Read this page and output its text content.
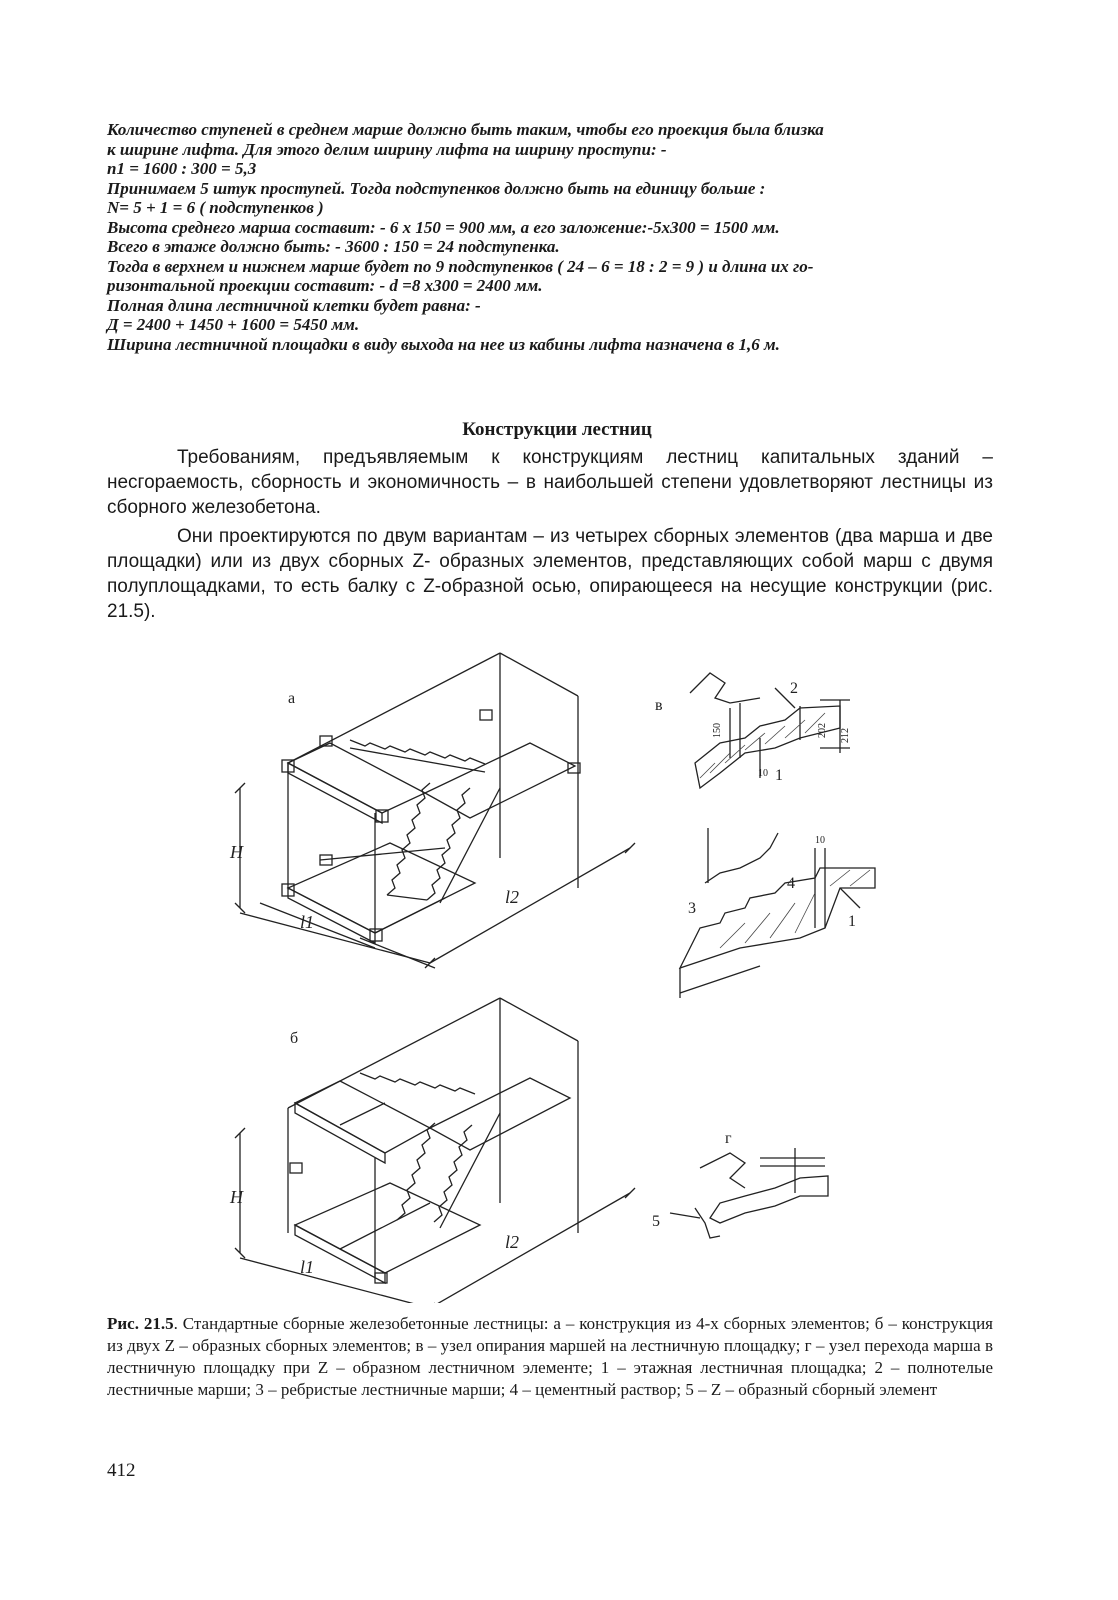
Количество ступеней в среднем марше должно быть таким, чтобы его проекция была близка

к ширине лифта. Для этого делим ширину лифта на ширину проступи: -

n1 = 1600 : 300 = 5,3

Принимаем 5 штук проступей. Тогда подступенков должно быть на единицу больше :

N= 5 + 1 = 6 ( подступенков )

Высота среднего марша составит: - 6 х 150 = 900 мм, а его заложение:-5х300 = 1500 мм.

Всего в этаже должно быть: - 3600 : 150 = 24 подступенка.

Тогда в верхнем и нижнем марше будет по 9 подступенков ( 24 – 6 = 18 : 2 = 9 ) и длина их го-

ризонтальной проекции составит: - d =8 х300 = 2400 мм.

Полная длина лестничной клетки будет равна: -

Д = 2400 + 1450 + 1600 = 5450 мм.

Ширина лестничной площадки в виду выхода на нее из кабины лифта назначена в 1,6 м.

Конструкции лестниц

Требованиям, предъявляемым к конструкциям лестниц капитальных зданий – несгораемость, сборность и экономичность – в наибольшей степени удовлетворяют лестницы из сборного железобетона.

Они проектируются по двум вариантам – из четырех сборных элементов (два марша и две площадки) или из двух сборных Z- образных элементов, представляющих собой марш с двумя полуплощадками, то есть балку с Z-образной осью, опирающееся на несущие конструкции (рис. 21.5).

а	в
б
г
H
H
l1
l1
l2
l2
2
1
3
4
1
5
10
10
150	202 212
Рис. 21.5. Стандартные сборные железобетонные лестницы: а – конструкция из 4-х сборных элементов; б – конструкция из двух Z – образных сборных элементов; в – узел опирания маршей на лестничную площадку; г – узел перехода марша в лестничную площадку при Z – образном лестничном элементе; 1 – этажная лестничная площадка; 2 – полнотелые лестничные марши; 3 – ребристые лестничные марши; 4 – цементный раствор; 5 – Z – образный сборный элемент
412
